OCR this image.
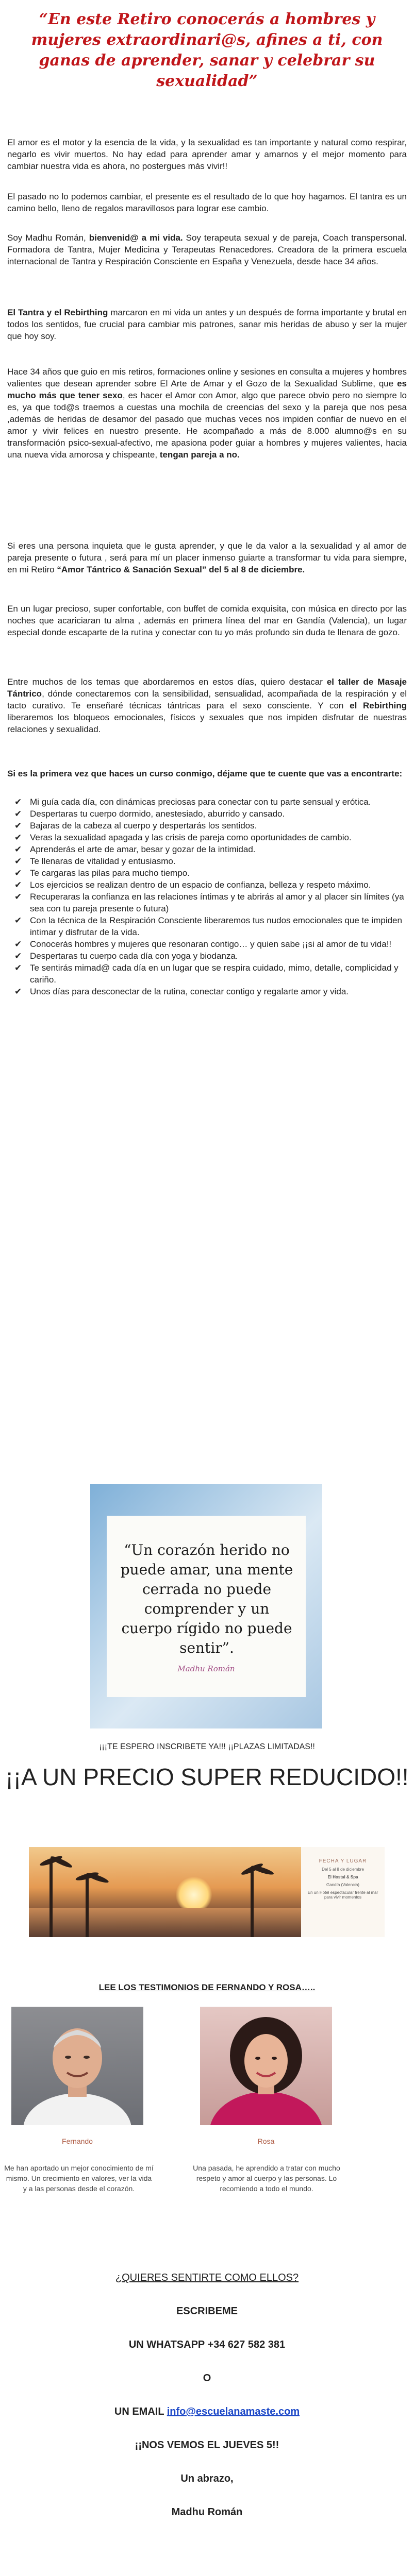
“En este Retiro conocerás a hombres y mujeres extraordinari@s, afines a ti, con ganas de aprender, sanar y celebrar su sexualidad”

El amor es el motor y la esencia de la vida, y la sexualidad es tan importante y natural como respirar, negarlo es vivir muertos. No hay edad para aprender amar y amarnos y el mejor momento para cambiar nuestra vida es ahora, no postergues más vivir!!

El pasado no lo podemos cambiar, el presente es el resultado de lo que hoy hagamos. El tantra es un camino bello, lleno de regalos maravillosos para lograr ese cambio.

Soy Madhu Román, bienvenid@ a mi vida. Soy terapeuta sexual y de pareja, Coach transpersonal. Formadora de Tantra, Mujer Medicina y Terapeutas Renacedores. Creadora de la primera escuela internacional de Tantra y Respiración Consciente en España y Venezuela, desde hace 34 años.

El Tantra y el Rebirthing marcaron en mi vida un antes y un después de forma importante y brutal en todos los sentidos, fue crucial para cambiar mis patrones, sanar mis heridas de abuso y ser la mujer que hoy soy.

Hace 34 años que guio en mis retiros, formaciones online y sesiones en consulta a mujeres y hombres valientes que desean aprender sobre El Arte de Amar y el Gozo de la Sexualidad Sublime, que es mucho más que tener sexo, es hacer el Amor con Amor, algo que parece obvio pero no siempre lo es, ya que tod@s traemos a cuestas una mochila de creencias del sexo y la pareja que nos pesa ,además de heridas de desamor del pasado que muchas veces nos impiden confiar de nuevo en el amor y vivir felices en nuestro presente. He acompañado a más de 8.000 alumno@s en su transformación psico-sexual-afectivo, me apasiona poder guiar a hombres y mujeres valientes, hacia una nueva vida amorosa y chispeante, tengan pareja a no.

Si eres una persona inquieta que le gusta aprender, y que le da valor a la sexualidad y al amor de pareja presente o futura , será para mí un placer inmenso guiarte a transformar tu vida para siempre, en mi Retiro “Amor Tántrico & Sanación Sexual” del 5 al 8 de diciembre.

En un lugar precioso, super confortable, con buffet de comida exquisita, con música en directo por las noches que acariciaran tu alma , además en primera línea del mar en Gandía (Valencia), un lugar especial donde escaparte de la rutina y conectar con tu yo más profundo sin duda te llenara de gozo.

Entre muchos de los temas que abordaremos en estos días, quiero destacar el taller de Masaje Tántrico, dónde conectaremos con la sensibilidad, sensualidad, acompañada de la respiración y el tacto curativo. Te enseñaré técnicas tántricas para el sexo consciente. Y con el Rebirthing liberaremos los bloqueos emocionales, físicos y sexuales que nos impiden disfrutar de nuestras relaciones y sexualidad.

Si es la primera vez que haces un curso conmigo, déjame que te cuente que vas a encontrarte:

✔ Mi guía cada día, con dinámicas preciosas para conectar con tu parte sensual y erótica.
✔ Despertaras tu cuerpo dormido, anestesiado, aburrido y cansado.
✔ Bajaras de la cabeza al cuerpo y despertarás los sentidos.
✔ Veras la sexualidad apagada y las crisis de pareja como oportunidades de cambio.
✔ Aprenderás el arte de amar, besar y gozar de la intimidad.
✔ Te llenaras de vitalidad y entusiasmo.
✔ Te cargaras las pilas para mucho tiempo.
✔ Los ejercicios se realizan dentro de un espacio de confianza, belleza y respeto máximo.
✔ Recuperaras la confianza en las relaciones íntimas y te abrirás al amor y al placer sin límites (ya sea con tu pareja presente o futura)
✔ Con la técnica de la Respiración Consciente liberaremos tus nudos emocionales que te impiden intimar y disfrutar de la vida.
✔ Conocerás hombres y mujeres que resonaran contigo… y quien sabe ¡¡si al amor de tu vida!!
✔ Despertaras tu cuerpo cada día con yoga y biodanza.
✔ Te sentirás mimad@ cada día en un lugar que se respira cuidado, mimo, detalle, complicidad y cariño.
✔ Unos días para desconectar de la rutina, conectar contigo y regalarte amor y vida.

“Un corazón herido no puede amar, una mente cerrada no puede comprender y un cuerpo rígido no puede sentir”.

Madhu Román

¡¡¡TE ESPERO INSCRIBETE YA!!! ¡¡PLAZAS LIMITADAS!!

¡¡A UN PRECIO SUPER REDUCIDO!!

FECHA Y LUGAR
Del 5 al 8 de diciembre
El Hostal & Spa
Gandía (Valencia)
En un Hotel espectacular frente al mar para vivir momentos

LEE LOS TESTIMONIOS DE FERNANDO Y ROSA…..

Fernando	Rosa

Me han aportado un mejor conocimiento de mí mismo. Un crecimiento en valores, ver la vida y a las personas desde el corazón.

Una pasada, he aprendido a tratar con mucho respeto y amor al cuerpo y las personas. Lo recomiendo a todo el mundo.

¿QUIERES SENTIRTE COMO ELLOS?

ESCRIBEME

UN WHATSAPP +34 627 582 381

O

UN EMAIL info@escuelanamaste.com

¡¡NOS VEMOS EL JUEVES 5!!

Un abrazo,

Madhu Román
